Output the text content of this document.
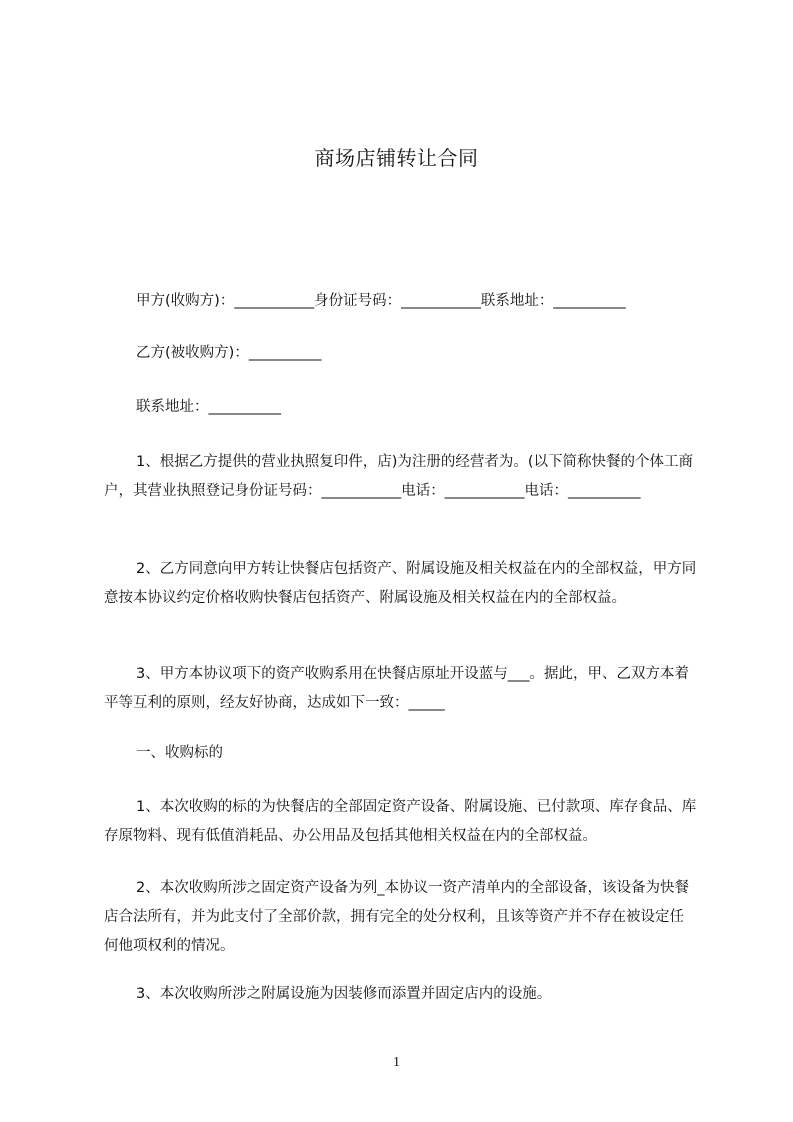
商场店铺转让合同
甲方(收购方)：___________身份证号码：___________联系地址：__________
乙方(被收购方)：__________
联系地址：__________
1、根据乙方提供的营业执照复印件，店)为注册的经营者为。(以下简称快餐的个体工商户，其营业执照登记身份证号码：___________电话：___________电话：__________
2、乙方同意向甲方转让快餐店包括资产、附属设施及相关权益在内的全部权益，甲方同意按本协议约定价格收购快餐店包括资产、附属设施及相关权益在内的全部权益。
3、甲方本协议项下的资产收购系用在快餐店原址开设蓝与___。据此，甲、乙双方本着平等互利的原则，经友好协商，达成如下一致：_____
一、收购标的
1、本次收购的标的为快餐店的全部固定资产设备、附属设施、已付款项、库存食品、库存原物料、现有低值消耗品、办公用品及包括其他相关权益在内的全部权益。
2、本次收购所涉之固定资产设备为列_本协议一资产清单内的全部设备，该设备为快餐店合法所有，并为此支付了全部价款，拥有完全的处分权利，且该等资产并不存在被设定任何他项权利的情况。
3、本次收购所涉之附属设施为因装修而添置并固定店内的设施。
1
